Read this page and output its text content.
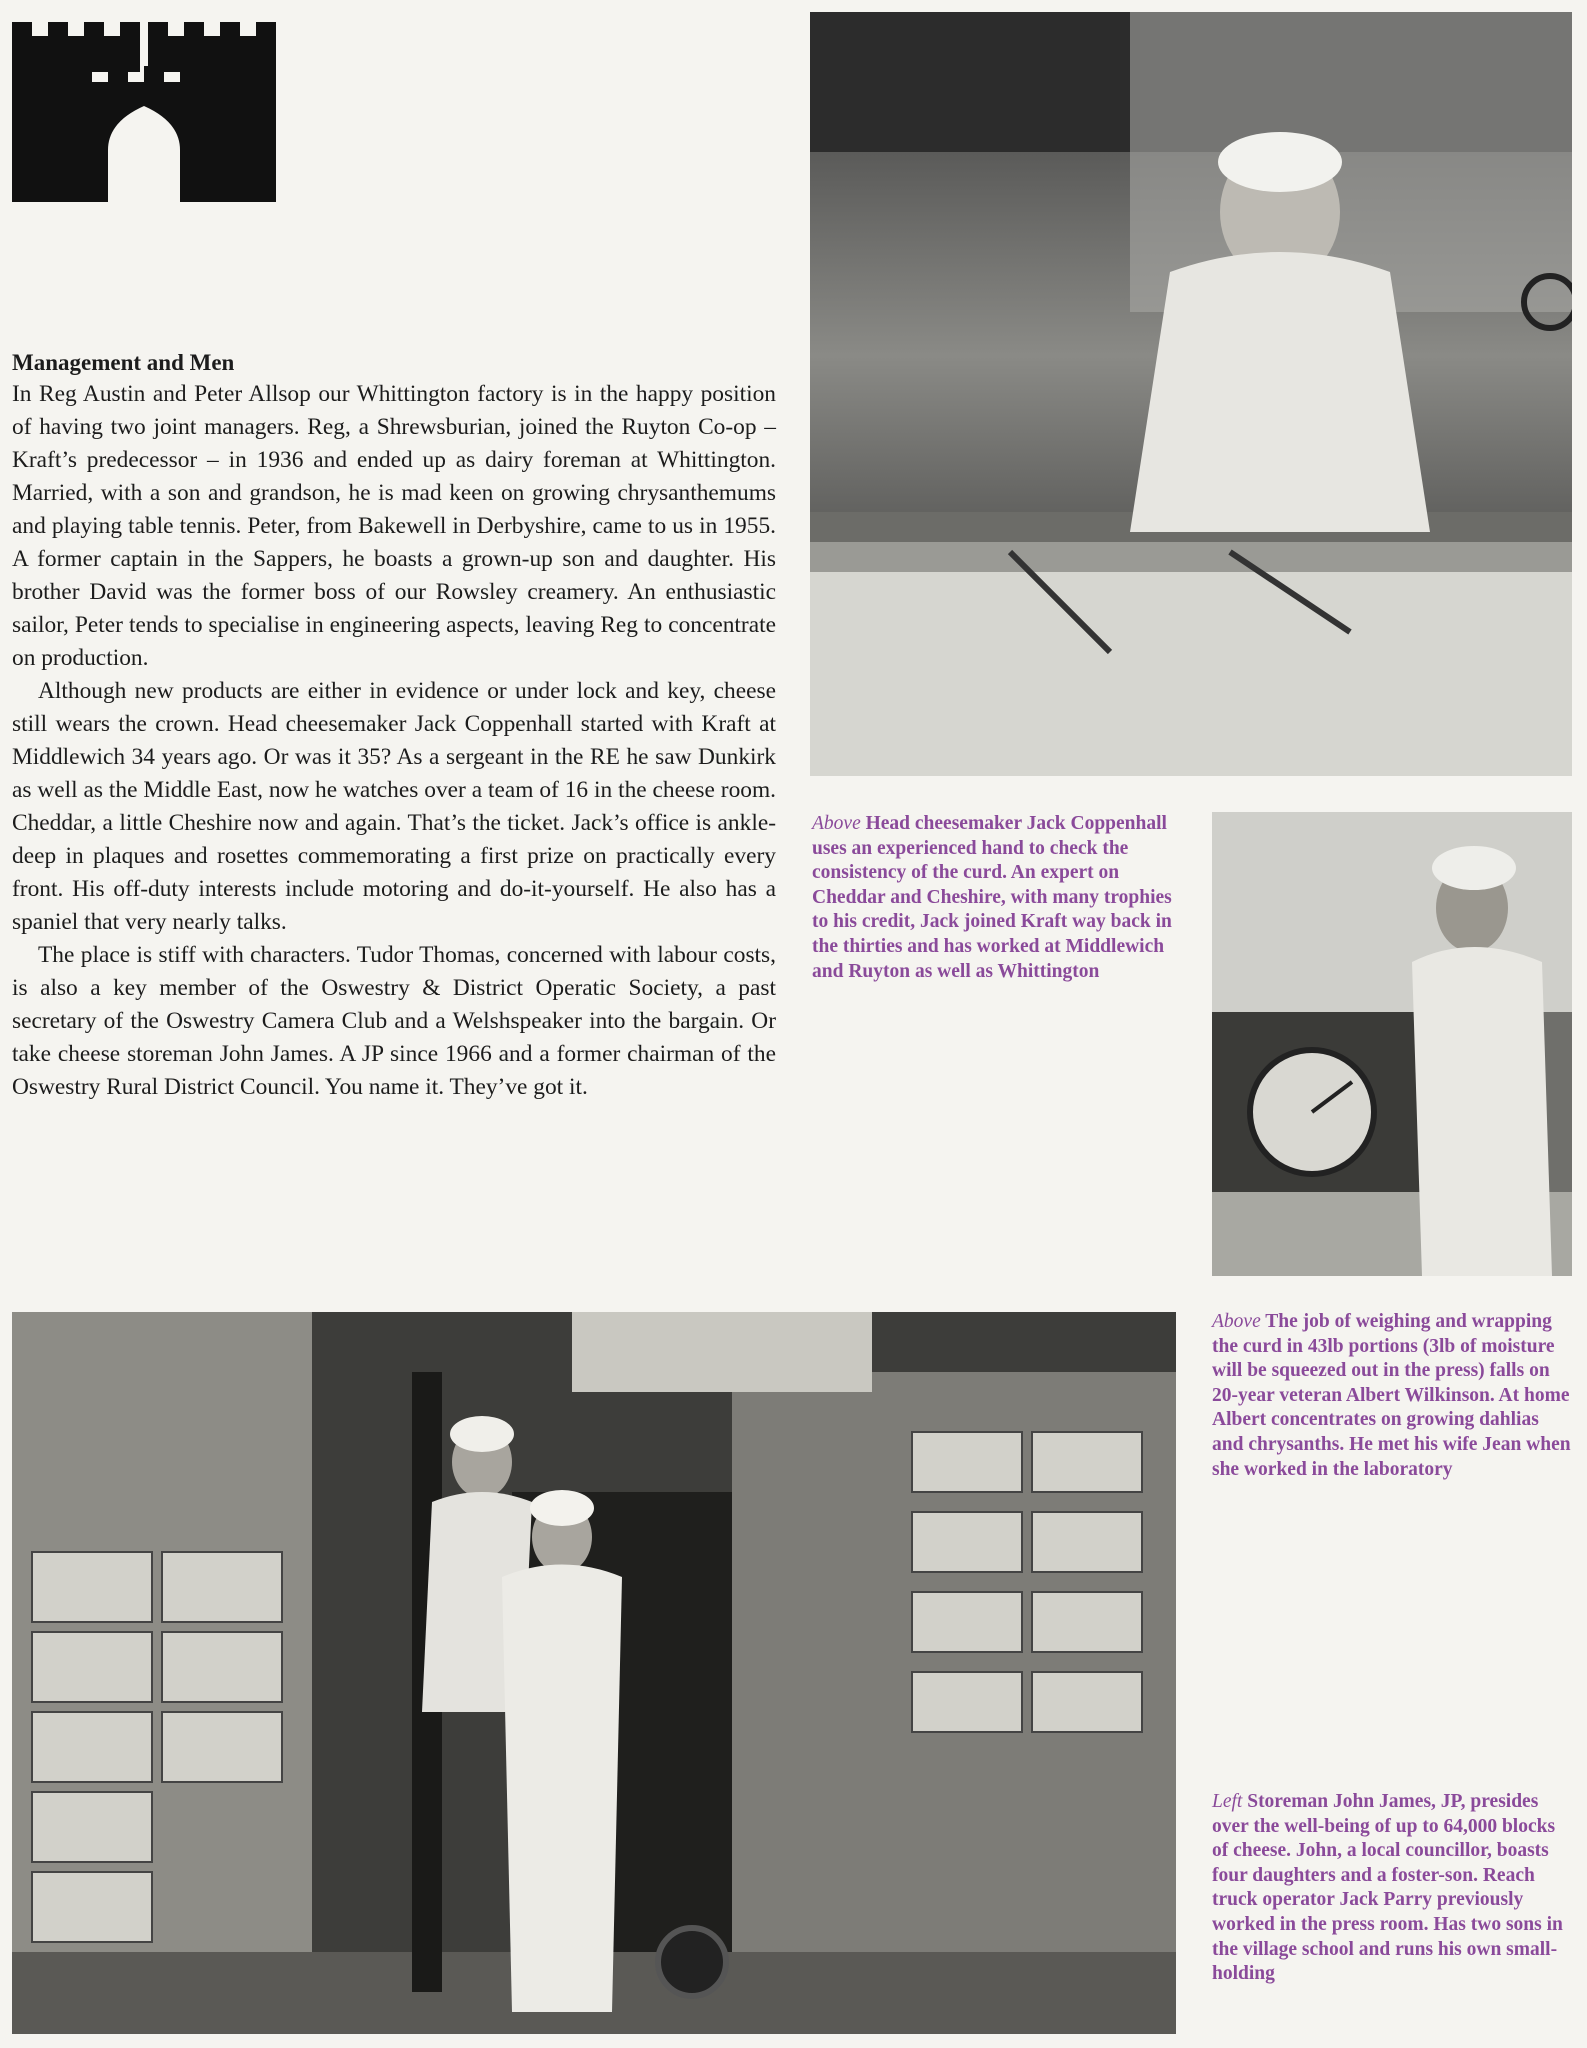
Management and Men

In Reg Austin and Peter Allsop our Whittington factory is in the happy position of having two joint managers. Reg, a Shrewsburian, joined the Ruyton Co-op – Kraft’s predecessor – in 1936 and ended up as dairy foreman at Whittington. Married, with a son and grandson, he is mad keen on growing chrysanthemums and playing table tennis. Peter, from Bakewell in Derbyshire, came to us in 1955. A former captain in the Sappers, he boasts a grown-up son and daughter. His brother David was the former boss of our Rowsley creamery. An enthusiastic sailor, Peter tends to specialise in engineering aspects, leaving Reg to concentrate on production.

Although new products are either in evidence or under lock and key, cheese still wears the crown. Head cheesemaker Jack Coppenhall started with Kraft at Middlewich 34 years ago. Or was it 35? As a sergeant in the RE he saw Dunkirk as well as the Middle East, now he watches over a team of 16 in the cheese room. Cheddar, a little Cheshire now and again. That’s the ticket. Jack’s office is ankle-deep in plaques and rosettes commemorating a first prize on practically every front. His off-duty interests include motoring and do-it-yourself. He also has a spaniel that very nearly talks.

The place is stiff with characters. Tudor Thomas, concerned with labour costs, is also a key member of the Oswestry & District Operatic Society, a past secretary of the Oswestry Camera Club and a Welshspeaker into the bargain. Or take cheese storeman John James. A JP since 1966 and a former chairman of the Oswestry Rural District Council. You name it. They’ve got it.

Above Head cheesemaker Jack Coppenhall uses an experienced hand to check the consistency of the curd. An expert on Cheddar and Cheshire, with many trophies to his credit, Jack joined Kraft way back in the thirties and has worked at Middlewich and Ruyton as well as Whittington
Above The job of weighing and wrapping the curd in 43lb portions (3lb of moisture will be squeezed out in the press) falls on 20-year veteran Albert Wilkinson. At home Albert concentrates on growing dahlias and chrysanths. He met his wife Jean when she worked in the laboratory
Left Storeman John James, JP, presides over the well-being of up to 64,000 blocks of cheese. John, a local councillor, boasts four daughters and a foster-son. Reach truck operator Jack Parry previously worked in the press room. Has two sons in the village school and runs his own smallholding
